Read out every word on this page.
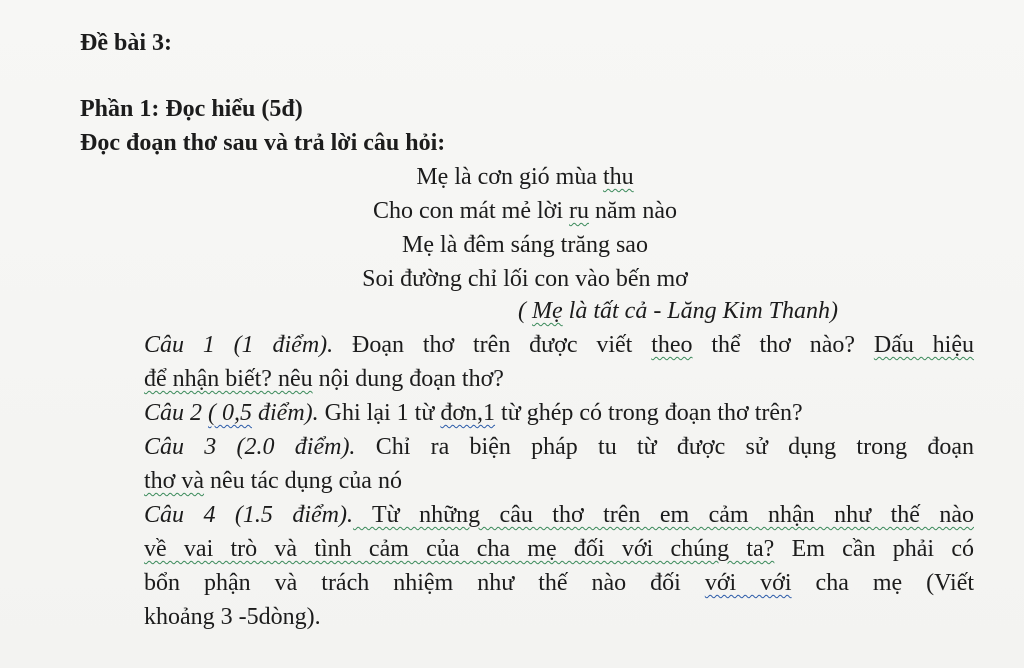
Đề bài 3:
Phần 1: Đọc hiểu (5đ)
Đọc đoạn thơ sau và trả lời câu hỏi:
Mẹ là cơn gió mùa thu
Cho con mát mẻ lời ru năm nào
Mẹ là đêm sáng trăng sao
Soi đường chỉ lối con vào bến mơ
( Mẹ là tất cả - Lăng Kim Thanh)
Câu 1 (1 điểm). Đoạn thơ trên được viết theo thể thơ nào? Dấu hiệu
để nhận biết? nêu nội dung đoạn thơ?
Câu 2 ( 0,5 điểm). Ghi lại 1 từ đơn,1 từ ghép có trong đoạn thơ trên?
Câu 3 (2.0 điểm). Chỉ ra biện pháp tu từ được sử dụng trong đoạn
thơ và nêu tác dụng của nó
Câu 4 (1.5 điểm). Từ những câu thơ trên em cảm nhận như thế nào
về vai trò và tình cảm của cha mẹ đối với chúng ta? Em cần phải có
bổn phận và trách nhiệm như thế nào đối với với cha mẹ (Viết
khoảng 3 -5dòng).
